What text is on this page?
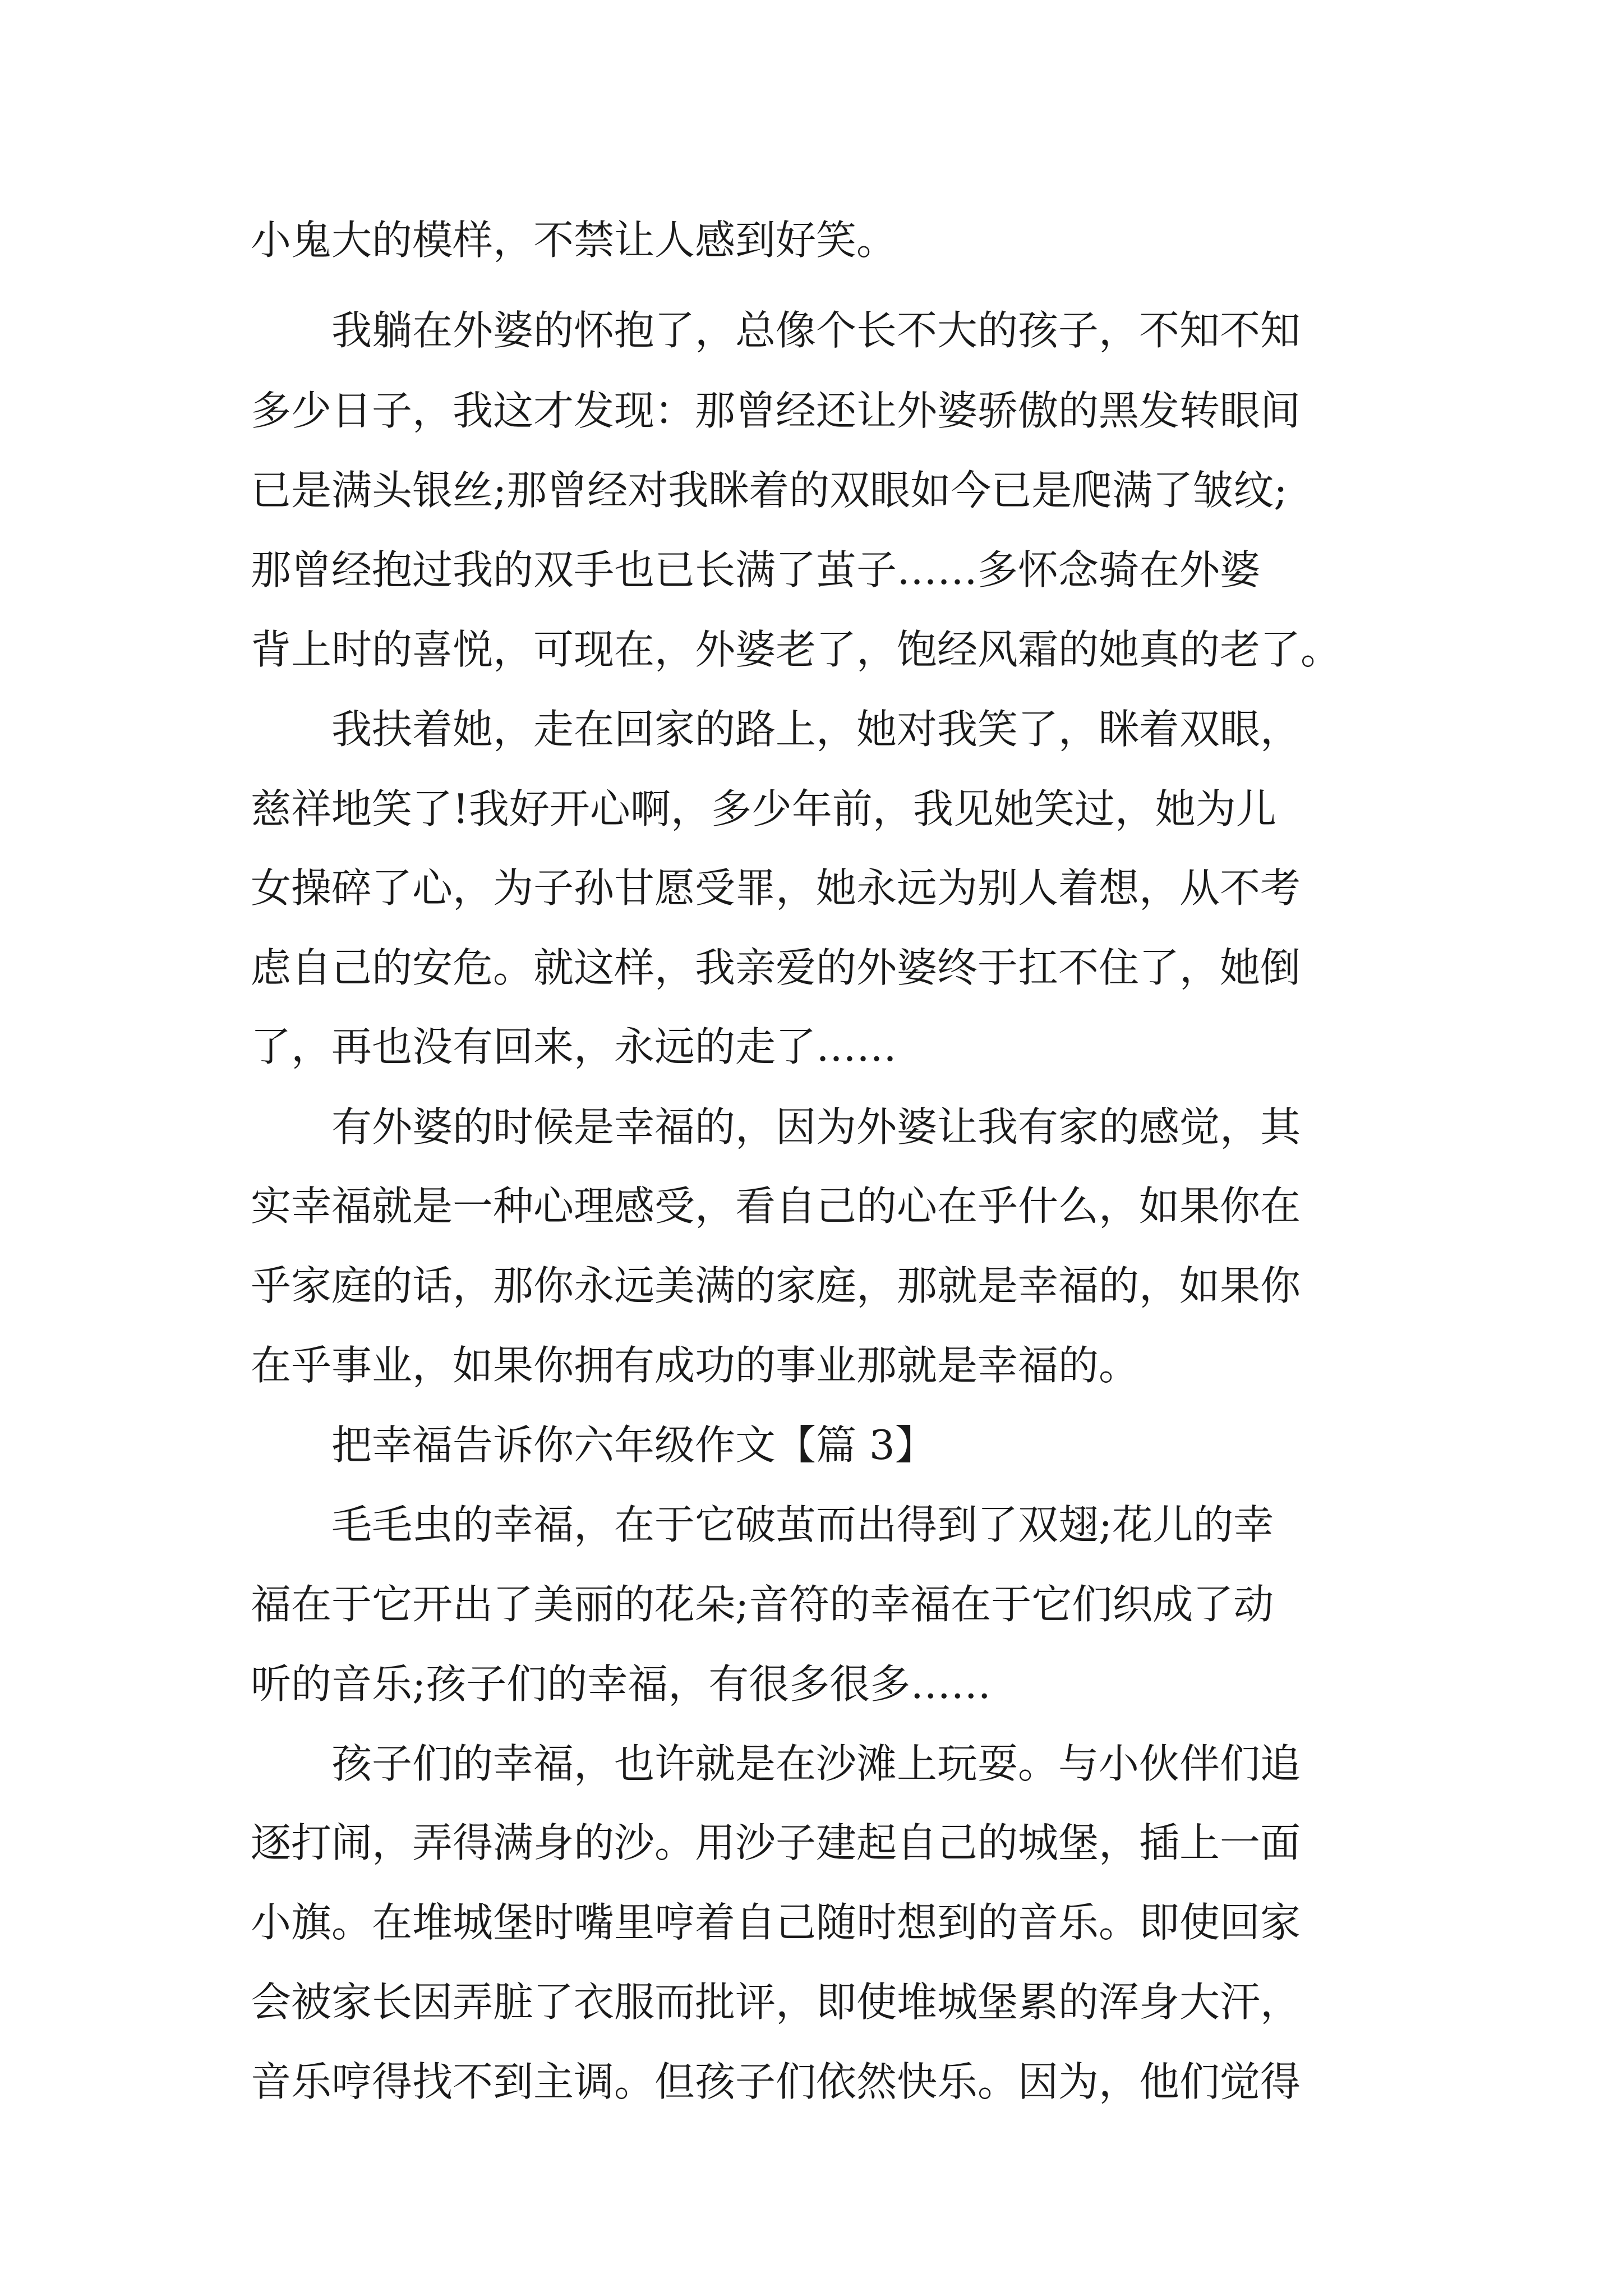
小鬼大的模样，不禁让人感到好笑。
　　我躺在外婆的怀抱了，总像个长不大的孩子，不知不知
多少日子，我这才发现：那曾经还让外婆骄傲的黑发转眼间
已是满头银丝;那曾经对我眯着的双眼如今已是爬满了皱纹;
那曾经抱过我的双手也已长满了茧子……多怀念骑在外婆
背上时的喜悦，可现在，外婆老了，饱经风霜的她真的老了。
　　我扶着她，走在回家的路上，她对我笑了，眯着双眼，
慈祥地笑了!我好开心啊，多少年前，我见她笑过，她为儿
女操碎了心，为子孙甘愿受罪，她永远为别人着想，从不考
虑自己的安危。就这样，我亲爱的外婆终于扛不住了，她倒
了，再也没有回来，永远的走了……
　　有外婆的时候是幸福的，因为外婆让我有家的感觉，其
实幸福就是一种心理感受，看自己的心在乎什么，如果你在
乎家庭的话，那你永远美满的家庭，那就是幸福的，如果你
在乎事业，如果你拥有成功的事业那就是幸福的。
　　把幸福告诉你六年级作文【篇 3】
　　毛毛虫的幸福，在于它破茧而出得到了双翅;花儿的幸
福在于它开出了美丽的花朵;音符的幸福在于它们织成了动
听的音乐;孩子们的幸福，有很多很多……
　　孩子们的幸福，也许就是在沙滩上玩耍。与小伙伴们追
逐打闹，弄得满身的沙。用沙子建起自己的城堡，插上一面
小旗。在堆城堡时嘴里哼着自己随时想到的音乐。即使回家
会被家长因弄脏了衣服而批评，即使堆城堡累的浑身大汗，
音乐哼得找不到主调。但孩子们依然快乐。因为，他们觉得
